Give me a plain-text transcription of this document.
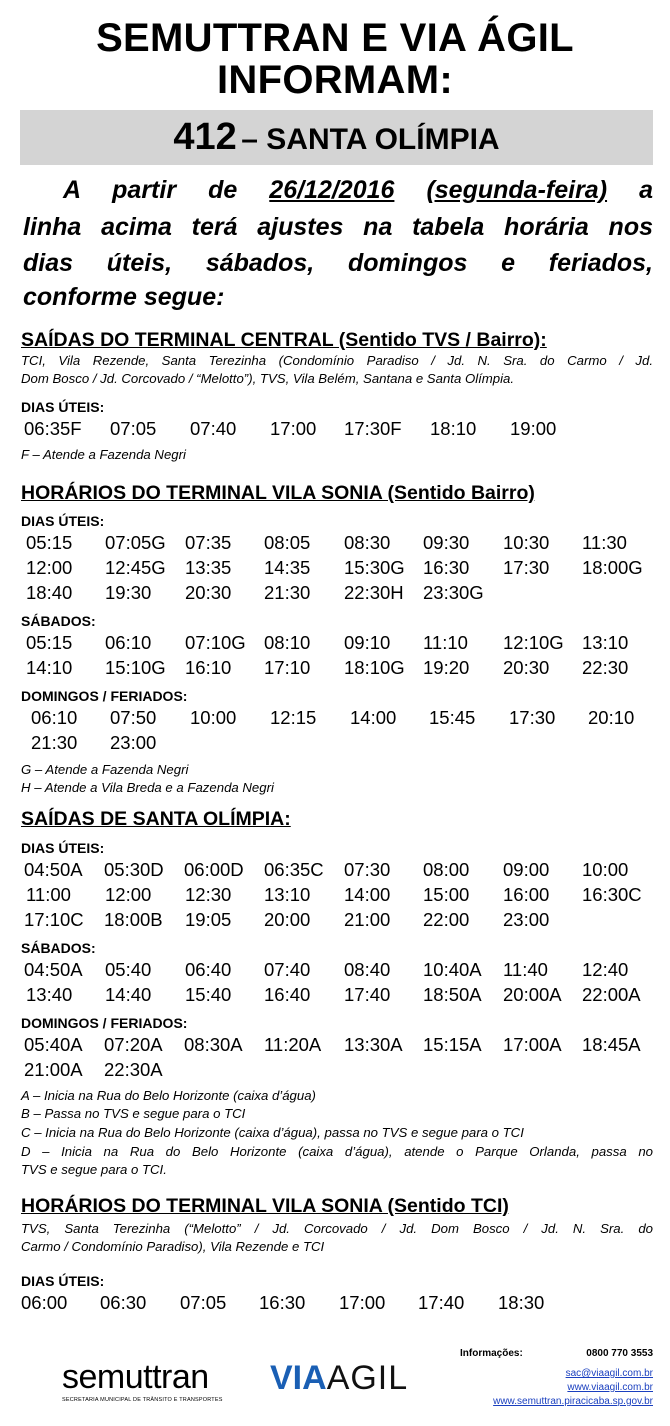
SEMUTTRAN E VIA ÁGIL
INFORMAM:
412 – SANTA OLÍMPIA
A partir de 26/12/2016 (segunda-feira) a
linha acima terá ajustes na tabela horária nos
dias úteis, sábados, domingos e feriados,
conforme segue:
SAÍDAS DO TERMINAL CENTRAL (Sentido TVS / Bairro):
TCI, Vila Rezende, Santa Terezinha (Condomínio Paradiso / Jd. N. Sra. do Carmo / Jd.
Dom Bosco / Jd. Corcovado / “Melotto”), TVS, Vila Belém, Santana e Santa Olímpia.
DIAS ÚTEIS:
06:35F 07:05 07:40 17:00 17:30F 18:10 19:00
F – Atende a Fazenda Negri
HORÁRIOS DO TERMINAL VILA SONIA (Sentido Bairro)
DIAS ÚTEIS:
05:15 07:05G 07:35 08:05 08:30 09:30 10:30 11:30
12:00 12:45G 13:35 14:35 15:30G 16:30 17:30 18:00G
18:40 19:30 20:30 21:30 22:30H 23:30G
SÁBADOS:
05:15 06:10 07:10G 08:10 09:10 11:10 12:10G 13:10
14:10 15:10G 16:10 17:10 18:10G 19:20 20:30 22:30
DOMINGOS / FERIADOS:
06:10 07:50 10:00 12:15 14:00 15:45 17:30 20:10
21:30 23:00
G – Atende a Fazenda Negri
H – Atende a Vila Breda e a Fazenda Negri
SAÍDAS DE SANTA OLÍMPIA:
DIAS ÚTEIS:
04:50A 05:30D 06:00D 06:35C 07:30 08:00 09:00 10:00
11:00 12:00 12:30 13:10 14:00 15:00 16:00 16:30C
17:10C 18:00B 19:05 20:00 21:00 22:00 23:00
SÁBADOS:
04:50A 05:40 06:40 07:40 08:40 10:40A 11:40 12:40
13:40 14:40 15:40 16:40 17:40 18:50A 20:00A 22:00A
DOMINGOS / FERIADOS:
05:40A 07:20A 08:30A 11:20A 13:30A 15:15A 17:00A 18:45A
21:00A 22:30A
A – Inicia na Rua do Belo Horizonte (caixa d’água)
B – Passa no TVS e segue para o TCI
C – Inicia na Rua do Belo Horizonte (caixa d’água), passa no TVS e segue para o TCI
D – Inicia na Rua do Belo Horizonte (caixa d’água), atende o Parque Orlanda, passa no
TVS e segue para o TCI.
HORÁRIOS DO TERMINAL VILA SONIA (Sentido TCI)
TVS, Santa Terezinha (“Melotto” / Jd. Corcovado / Jd. Dom Bosco / Jd. N. Sra. do
Carmo / Condomínio Paradiso), Vila Rezende e TCI
DIAS ÚTEIS:
06:00 06:30 07:05 16:30 17:00 17:40 18:30
semuttran
SECRETARIA MUNICIPAL DE TRÂNSITO E TRANSPORTES
VIAAGIL
Informações:	0800 770 3553
sac@viaagil.com.br
www.viaagil.com.br
www.semuttran.piracicaba.sp.gov.br
